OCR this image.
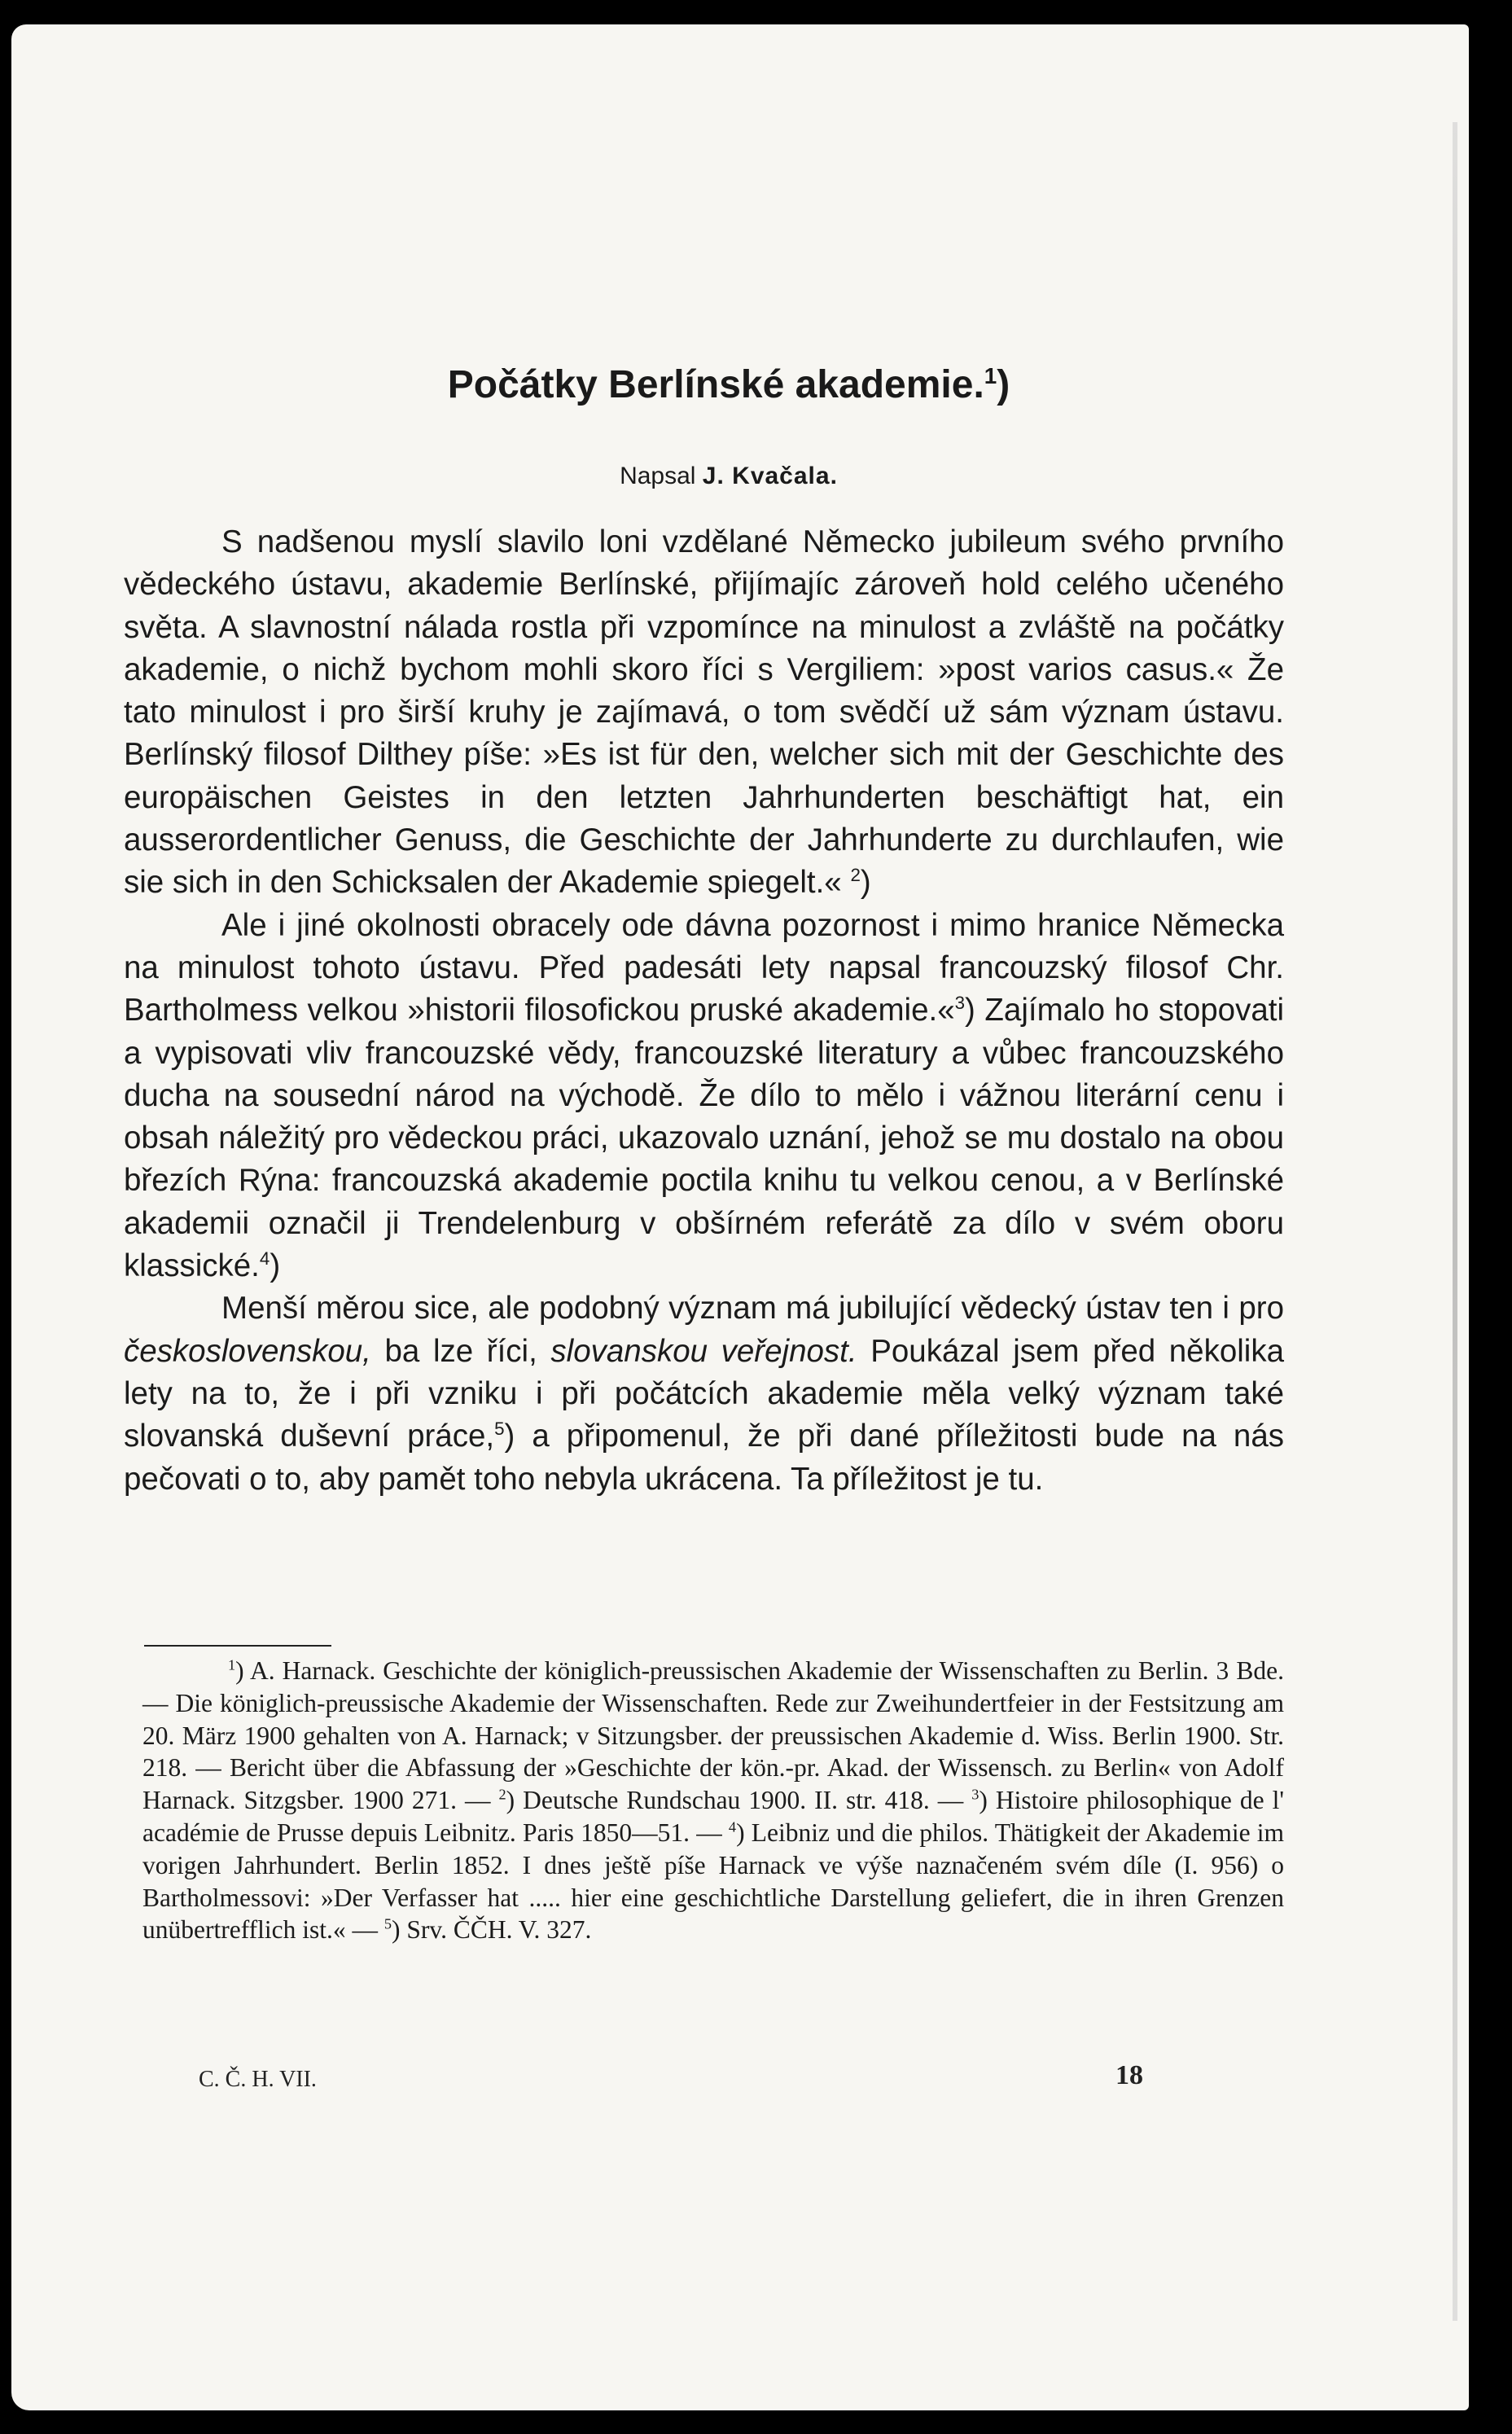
Počátky Berlínské akademie.$^1$)
Napsal J. Kvačala.

S nadšenou myslí slavilo loni vzdělané Německo jubileum svého prvního vědeckého ústavu, akademie Berlínské, přijímajíc zároveň hold celého učeného světa. A slavnostní nálada rostla při vzpomínce na minulost a zvláště na počátky akademie, o nichž bychom mohli skoro říci s Vergiliem: »post varios casus.« Že tato minulost i pro širší kruhy je zajímavá, o tom svědčí už sám význam ústavu. Berlínský filosof Dilthey píše: »Es ist für den, welcher sich mit der Geschichte des europäischen Geistes in den letzten Jahrhunderten beschäftigt hat, ein ausserordentlicher Genuss, die Geschichte der Jahrhunderte zu durchlaufen, wie sie sich in den Schicksalen der Akademie spiegelt.« $^2$)

Ale i jiné okolnosti obracely ode dávna pozornost i mimo hranice Německa na minulost tohoto ústavu. Před padesáti lety napsal francouzský filosof Chr. Bartholmess velkou »historii filosofickou pruské akademie.«$^3$) Zajímalo ho stopovati a vypisovati vliv francouzské vědy, francouzské literatury a vůbec francouzského ducha na sousední národ na východě. Že dílo to mělo i vážnou literární cenu i obsah náležitý pro vědeckou práci, ukazovalo uznání, jehož se mu dostalo na obou březích Rýna: francouzská akademie poctila knihu tu velkou cenou, a v Berlínské akademii označil ji Trendelenburg v obšírném referátě za dílo v svém oboru klassické.$^4$)

Menší měrou sice, ale podobný význam má jubilující vědecký ústav ten i pro československou, ba lze říci, slovanskou veřejnost. Poukázal jsem před několika lety na to, že i při vzniku i při počátcích akademie měla velký význam také slovanská duševní práce,$^5$) a připomenul, že při dané příležitosti bude na nás pečovati o to, aby pamět toho nebyla ukrácena. Ta příležitost je tu.

$^1$) A. Harnack. Geschichte der königlich-preussischen Akademie der Wissenschaften zu Berlin. 3 Bde. — Die königlich-preussische Akademie der Wissenschaften. Rede zur Zweihundertfeier in der Festsitzung am 20. März 1900 gehalten von A. Harnack; v Sitzungsber. der preussischen Akademie d. Wiss. Berlin 1900. Str. 218. — Bericht über die Abfassung der »Geschichte der kön.-pr. Akad. der Wissensch. zu Berlin« von Adolf Harnack. Sitzgsber. 1900 271. — $^2$) Deutsche Rundschau 1900. II. str. 418. — $^3$) Histoire philosophique de l' académie de Prusse depuis Leibnitz. Paris 1850—51. — $^4$) Leibniz und die philos. Thätigkeit der Akademie im vorigen Jahrhundert. Berlin 1852. I dnes ještě píše Harnack ve výše naznačeném svém díle (I. 956) o Bartholmessovi: »Der Verfasser hat ..... hier eine geschichtliche Darstellung geliefert, die in ihren Grenzen unübertrefflich ist.« — $^5$) Srv. ČČH. V. 327.

C. Č. H. VII.	18
